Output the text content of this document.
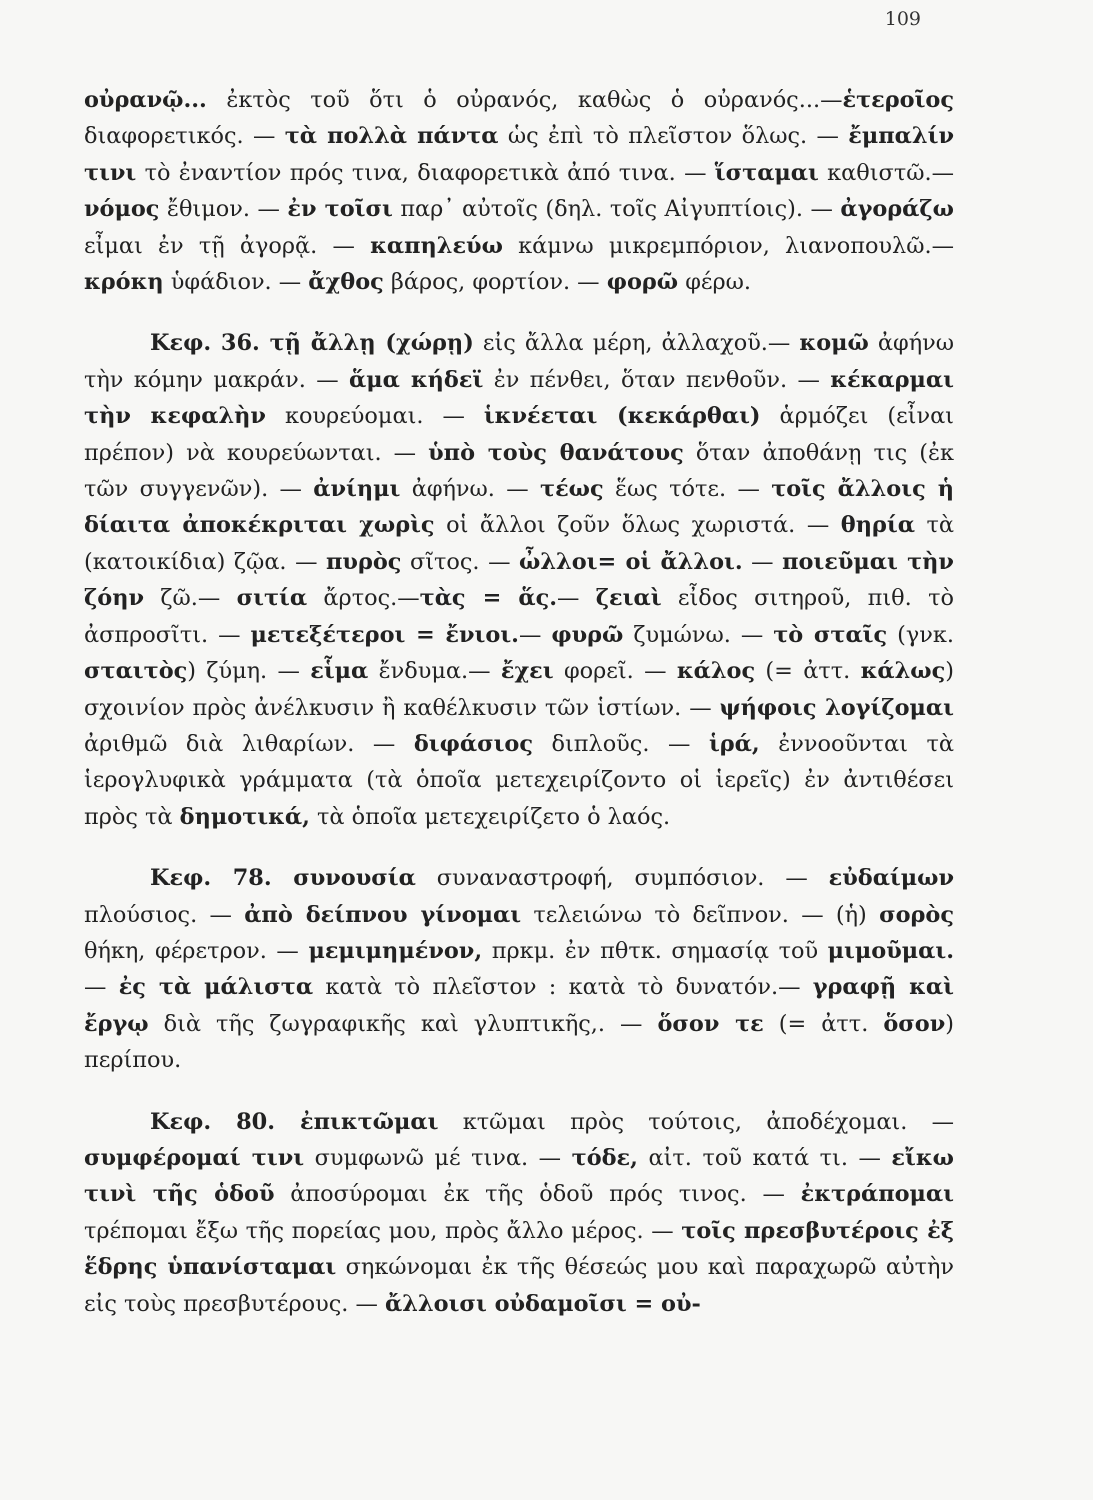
109

οὐρανῷ... ἐκτὸς τοῦ ὅτι ὁ οὐρανός, καθὼς ὁ οὐρανός...—ἑτεροῖος διαφορετικός. — τὰ πολλὰ πάντα ὡς ἐπὶ τὸ πλεῖστον ὅλως. — ἔμπαλίν τινι τὸ ἐναντίον πρός τινα, διαφορετικὰ ἀπό τινα. — ἵσταμαι καθιστῶ.— νόμος ἔθιμον. — ἐν τοῖσι παρ᾽ αὐτοῖς (δηλ. τοῖς Αἰγυπτίοις). — ἀγοράζω εἶμαι ἐν τῇ ἀγορᾷ. — καπηλεύω κάμνω μικρεμπόριον, λιανοπουλῶ.— κρόκη ὑφάδιον. — ἄχθος βάρος, φορτίον. — φορῶ φέρω.

Κεφ. 36. τῇ ἄλλῃ (χώρῃ) εἰς ἄλλα μέρη, ἀλλαχοῦ.— κομῶ ἀφήνω τὴν κόμην μακράν. — ἅμα κήδεϊ ἐν πένθει, ὅταν πενθοῦν. — κέκαρμαι τὴν κεφαλὴν κουρεύομαι. — ἱκνέεται (κεκάρθαι) ἁρμόζει (εἶναι πρέπον) νὰ κουρεύωνται. — ὑπὸ τοὺς θανάτους ὅταν ἀποθάνῃ τις (ἐκ τῶν συγγενῶν). — ἀνίημι ἀφήνω. — τέως ἕως τότε. — τοῖς ἄλλοις ἡ δίαιτα ἀποκέκριται χωρὶς οἱ ἄλλοι ζοῦν ὅλως χωριστά. — θηρία τὰ (κατοικίδια) ζῷα. — πυρὸς σῖτος. — ὦλλοι= οἱ ἄλλοι. — ποιεῦμαι τὴν ζόην ζῶ.— σιτία ἄρτος.—τὰς = ἅς.— ζειαὶ εἶδος σιτηροῦ, πιθ. τὸ ἀσπροσῖτι. — μετεξέτεροι = ἔνιοι.— φυρῶ ζυμώνω. — τὸ σταῖς (γνκ. σταιτὸς) ζύμη. — εἷμα ἔνδυμα.— ἔχει φορεῖ. — κάλος (= ἀττ. κάλως) σχοινίον πρὸς ἀνέλκυσιν ἢ καθέλκυσιν τῶν ἱστίων. — ψήφοις λογίζομαι ἀριθμῶ διὰ λιθαρίων. — διφάσιος διπλοῦς. — ἱρά, ἐννοοῦνται τὰ ἱερογλυφικὰ γράμματα (τὰ ὁποῖα μετεχειρίζοντο οἱ ἱερεῖς) ἐν ἀντιθέσει πρὸς τὰ δημοτικά, τὰ ὁποῖα μετεχειρίζετο ὁ λαός.

Κεφ. 78. συνουσία συναναστροφή, συμπόσιον. — εὐδαίμων πλούσιος. — ἀπὸ δείπνου γίνομαι τελειώνω τὸ δεῖπνον. — (ἡ) σορὸς θήκη, φέρετρον. — μεμιμημένον, πρκμ. ἐν πθτκ. σημασίᾳ τοῦ μιμοῦμαι. — ἐς τὰ μάλιστα κατὰ τὸ πλεῖστον : κατὰ τὸ δυνατόν.— γραφῇ καὶ ἔργῳ διὰ τῆς ζωγραφικῆς καὶ γλυπτικῆς,. — ὅσον τε (= ἀττ. ὅσον) περίπου.

Κεφ. 80. ἐπικτῶμαι κτῶμαι πρὸς τούτοις, ἀποδέχομαι. — συμφέρομαί τινι συμφωνῶ μέ τινα. — τόδε, αἰτ. τοῦ κατά τι. — εἴκω τινὶ τῆς ὁδοῦ ἀποσύρομαι ἐκ τῆς ὁδοῦ πρός τινος. — ἐκτράπομαι τρέπομαι ἔξω τῆς πορείας μου, πρὸς ἄλλο μέρος. — τοῖς πρεσβυτέροις ἐξ ἕδρης ὑπανίσταμαι σηκώνομαι ἐκ τῆς θέσεώς μου καὶ παραχωρῶ αὐτὴν εἰς τοὺς πρεσβυτέρους. — ἄλλοισι οὐδαμοῖσι = οὐ-
